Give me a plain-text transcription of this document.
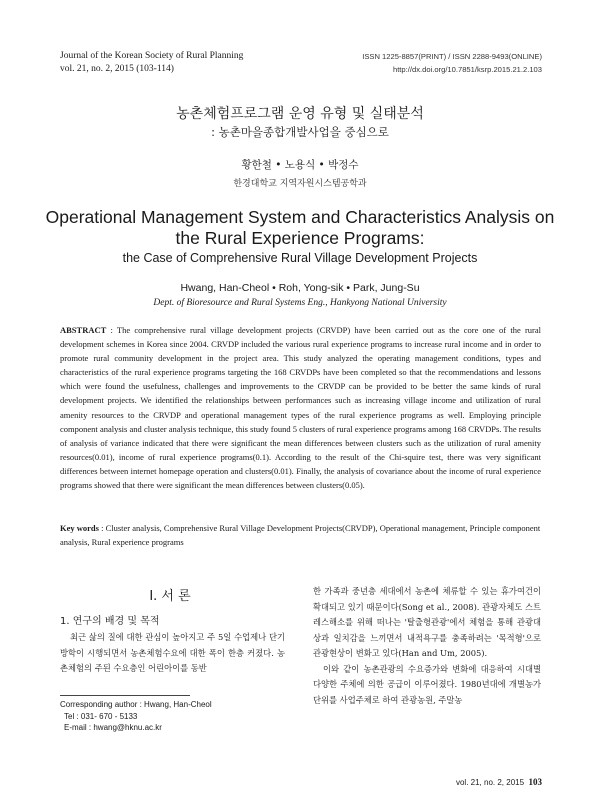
Journal of the Korean Society of Rural Planning
vol. 21, no. 2, 2015 (103-114)
ISSN 1225-8857(PRINT) / ISSN 2288-9493(ONLINE)
http://dx.doi.org/10.7851/ksrp.2015.21.2.103
농촌체험프로그램 운영 유형 및 실태분석
: 농촌마을종합개발사업을 중심으로
황한철 • 노용식 • 박정수
한경대학교 지역자원시스템공학과
Operational Management System and Characteristics Analysis on the Rural Experience Programs:
the Case of Comprehensive Rural Village Development Projects
Hwang, Han-Cheol • Roh, Yong-sik • Park, Jung-Su
Dept. of Bioresource and Rural Systems Eng., Hankyong National University
ABSTRACT : The comprehensive rural village development projects (CRVDP) have been carried out as the core one of the rural development schemes in Korea since 2004. CRVDP included the various rural experience programs to increase rural income and in order to promote rural community development in the project area. This study analyzed the operating management conditions, types and characteristics of the rural experience programs targeting the 168 CRVDPs have been completed so that the recommendations and lessons which were found the usefulness, challenges and improvements to the CRVDP can be provided to be better the same kinds of rural development projects. We identified the relationships between performances such as increasing village income and utilization of rural amenity resources to the CRVDP and operational management types of the rural experience programs as well. Employing principle component analysis and cluster analysis technique, this study found 5 clusters of rural experience programs among 168 CRVDPs. The results of analysis of variance indicated that there were significant the mean differences between clusters such as the utilization of rural amenity resources(0.01), income of rural experience programs(0.1). According to the result of the Chi-squire test, there was very significant differences between internet homepage operation and clusters(0.01). Finally, the analysis of covariance about the income of rural experience programs showed that there were significant the mean differences between clusters(0.05).
Key words : Cluster analysis, Comprehensive Rural Village Development Projects(CRVDP), Operational management, Principle component analysis, Rural experience programs
I. 서 론
1. 연구의 배경 및 목적

최근 삶의 질에 대한 관심이 높아지고 주 5일 수업제나 단기방학이 시행되면서 농촌체험수요에 대한 폭이 한층 커졌다. 농촌체험의 주된 수요층인 어린아이를 동반

한 가족과 중년층 세대에서 농촌에 체류할 수 있는 휴가여건이 확대되고 있기 때문이다(Song et al., 2008). 관광자체도 스트레스해소를 위해 떠나는 '탈출형관광'에서 체험을 통해 관광대상과 일치감을 느끼면서 내적욕구를 충족하려는 '목적형'으로 관광현상이 변화고 있다(Han and Um, 2005).

이와 같이 농촌관광의 수요증가와 변화에 대응하여 시대별 다양한 주체에 의한 공급이 이루어졌다. 1980년대에 개별농가단위를 사업주체로 하여 관광농원, 주말농

Corresponding author : Hwang, Han-Cheol
Tel : 031- 670 - 5133
E-mail : hwang@hknu.ac.kr
vol. 21, no. 2, 2015 103
